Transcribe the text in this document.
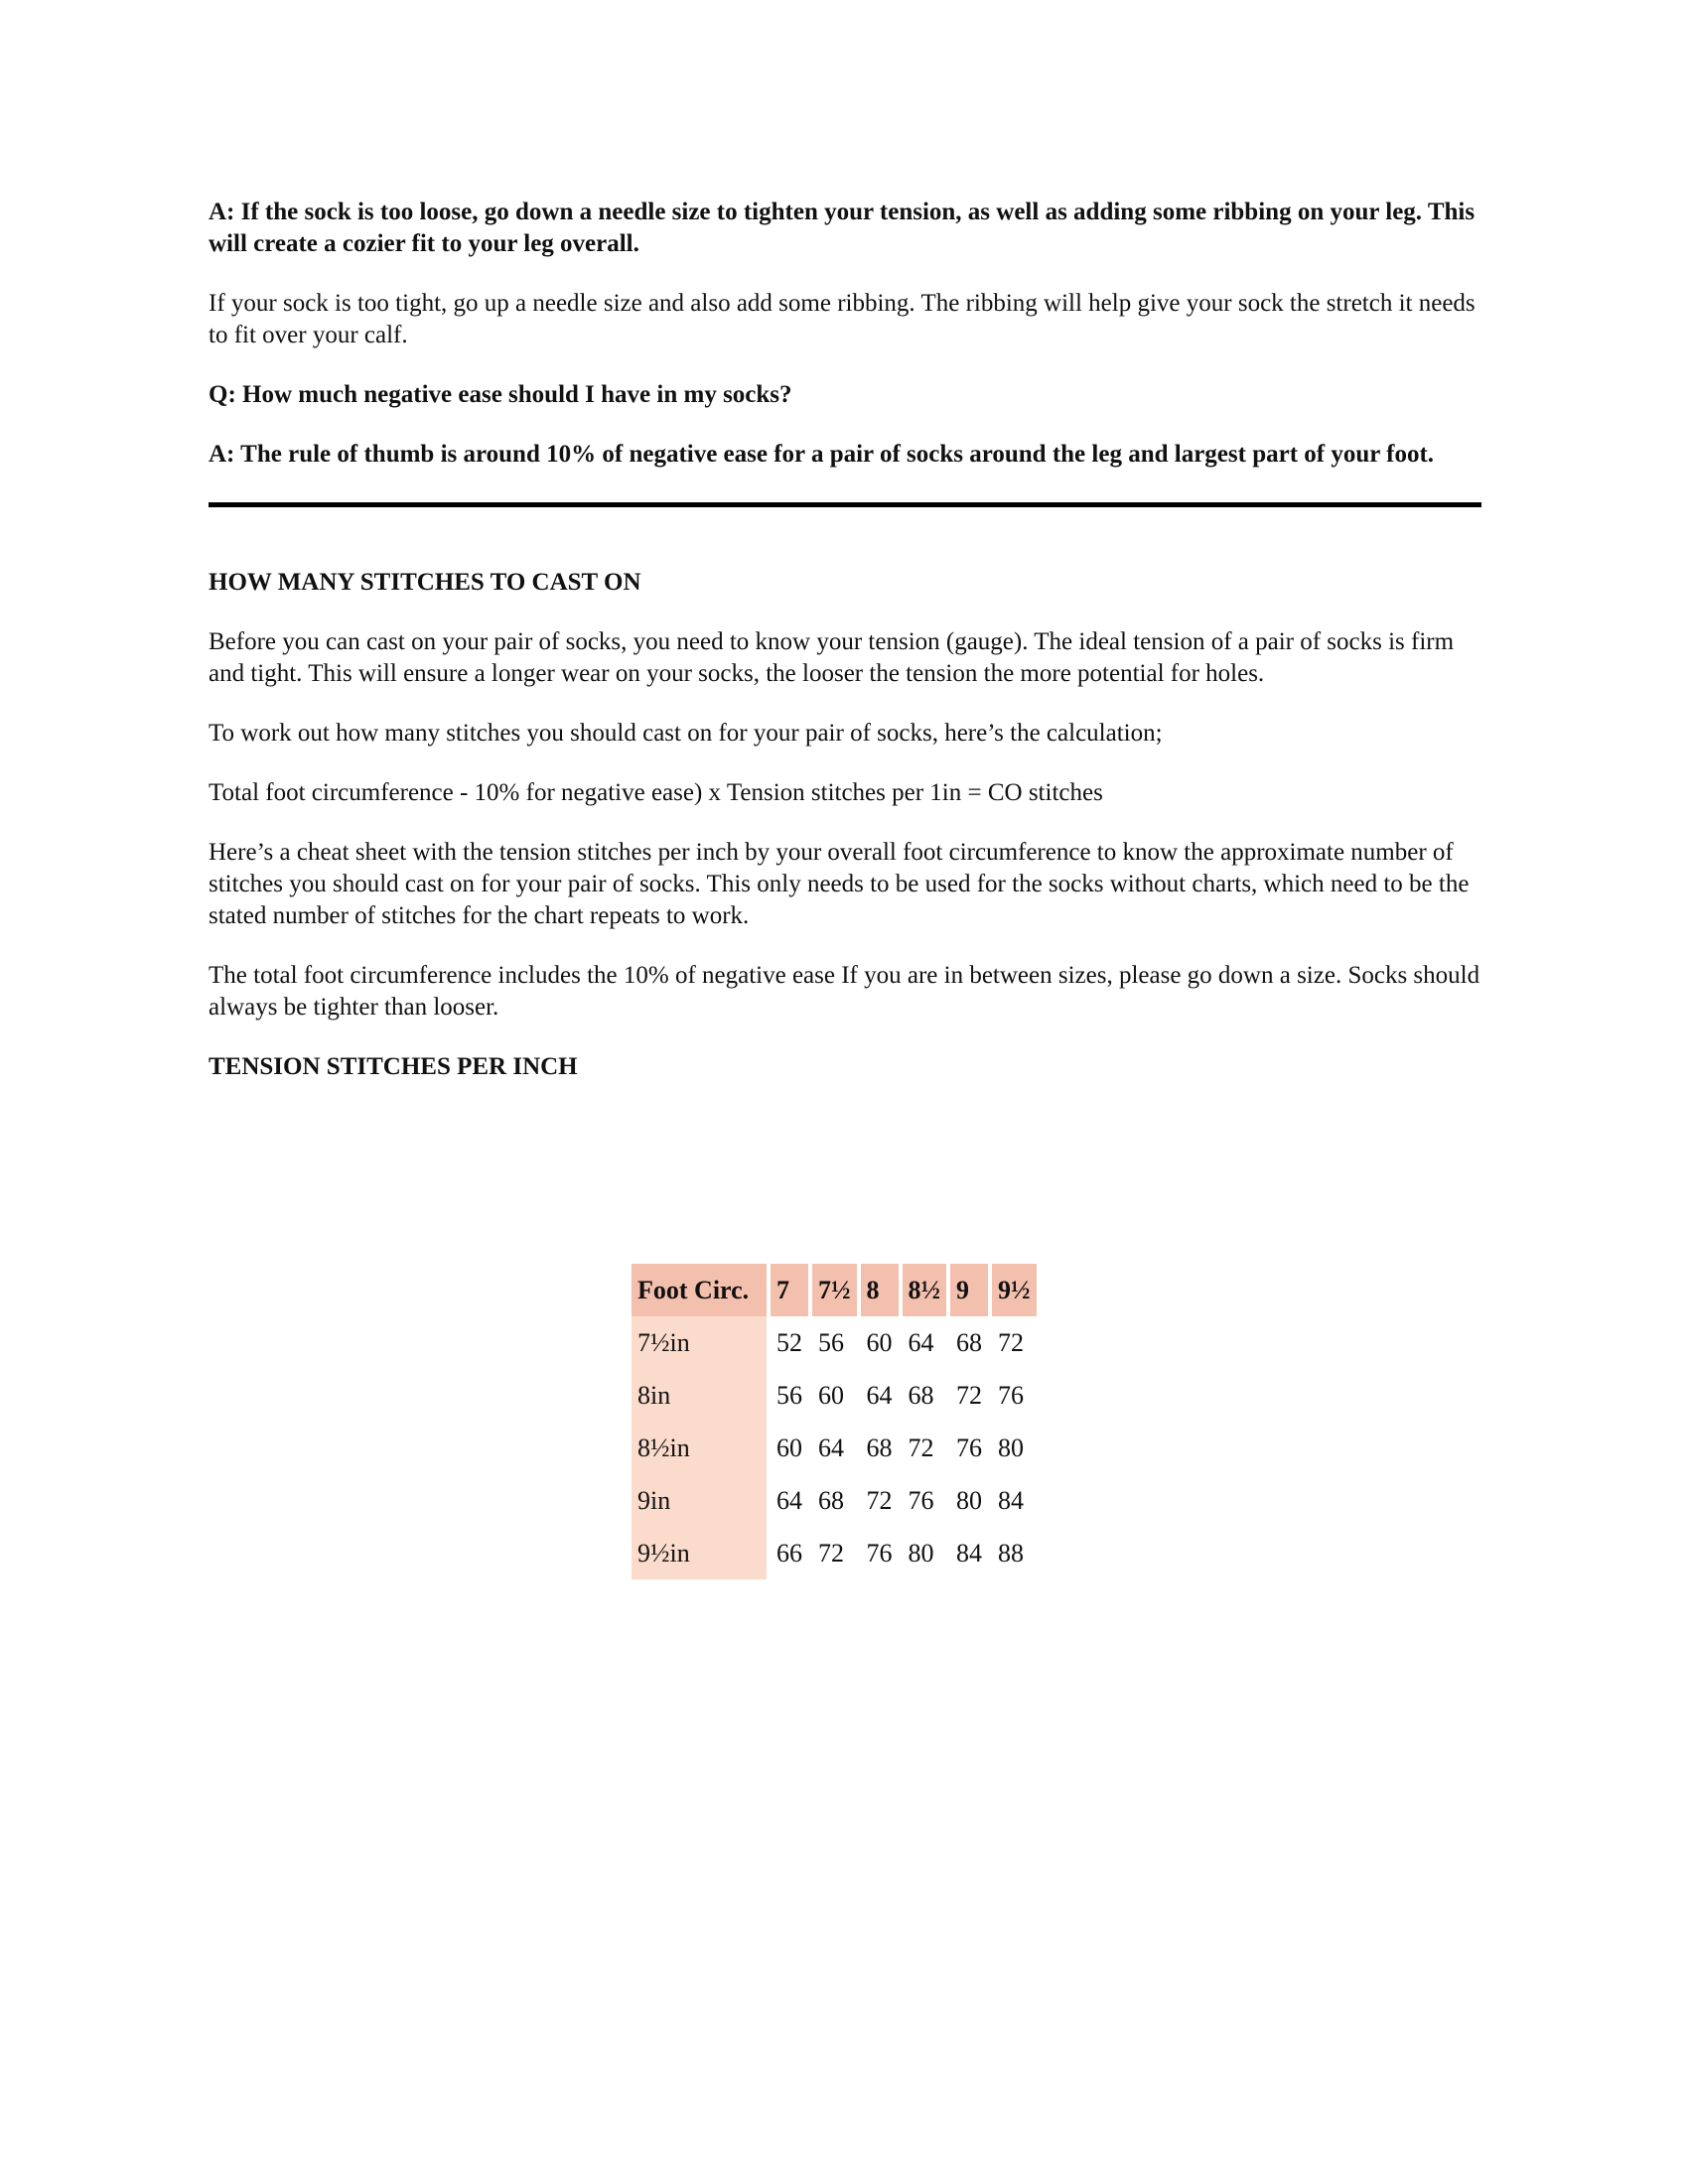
A: If the sock is too loose, go down a needle size to tighten your tension, as well as adding some ribbing on your leg. This will create a cozier fit to your leg overall.

If your sock is too tight, go up a needle size and also add some ribbing. The ribbing will help give your sock the stretch it needs to fit over your calf.

Q: How much negative ease should I have in my socks?

A: The rule of thumb is around 10% of negative ease for a pair of socks around the leg and largest part of your foot.

HOW MANY STITCHES TO CAST ON

Before you can cast on your pair of socks, you need to know your tension (gauge). The ideal tension of a pair of socks is firm and tight. This will ensure a longer wear on your socks, the looser the tension the more potential for holes.

To work out how many stitches you should cast on for your pair of socks, here’s the calculation;

Total foot circumference - 10% for negative ease) x Tension stitches per 1in = CO stitches

Here’s a cheat sheet with the tension stitches per inch by your overall foot circumference to know the approximate number of stitches you should cast on for your pair of socks. This only needs to be used for the socks without charts, which need to be the stated number of stitches for the chart repeats to work.

The total foot circumference includes the 10% of negative ease If you are in between sizes, please go down a size. Socks should always be tighter than looser.

TENSION STITCHES PER INCH
Foot Circ.	7	7½	8	8½	9	9½
7½in	52	56	60	64	68	72
8in	56	60	64	68	72	76
8½in	60	64	68	72	76	80
9in	64	68	72	76	80	84
9½in	66	72	76	80	84	88
